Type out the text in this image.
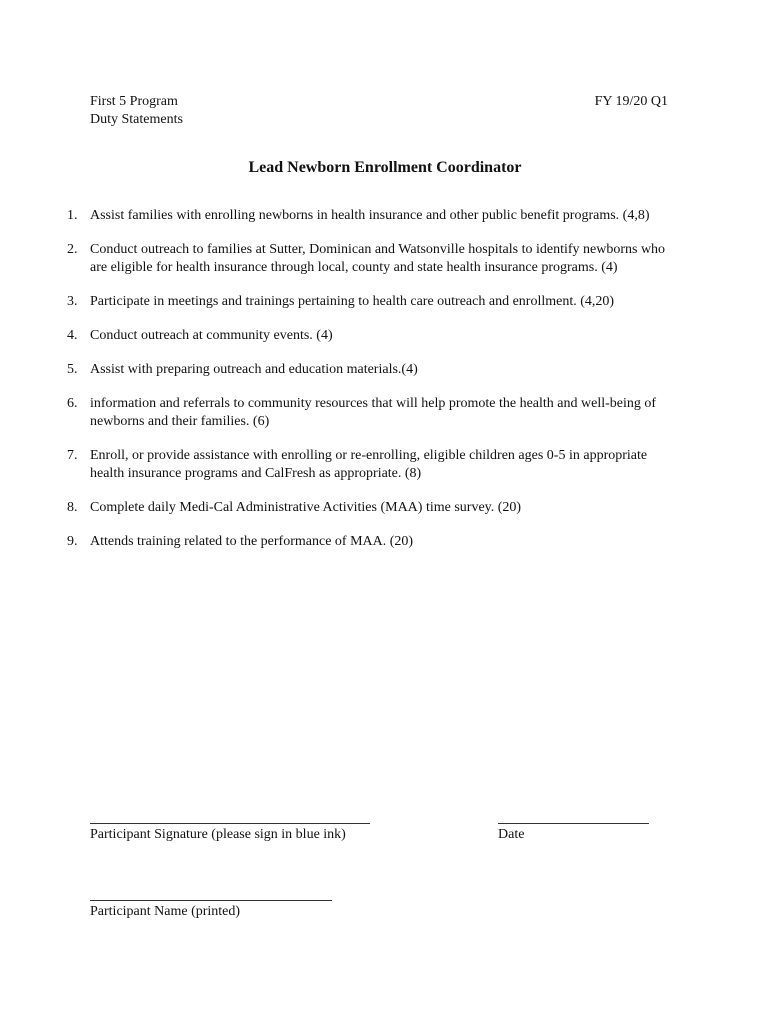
First 5 Program
Duty Statements
FY 19/20 Q1
Lead Newborn Enrollment Coordinator
1. Assist families with enrolling newborns in health insurance and other public benefit programs. (4,8)
2. Conduct outreach to families at Sutter, Dominican and Watsonville hospitals to identify newborns who are eligible for health insurance through local, county and state health insurance programs. (4)
3. Participate in meetings and trainings pertaining to health care outreach and enrollment. (4,20)
4. Conduct outreach at community events. (4)
5. Assist with preparing outreach and education materials.(4)
6. information and referrals to community resources that will help promote the health and well-being of newborns and their families. (6)
7. Enroll, or provide assistance with enrolling or re-enrolling, eligible children ages 0-5 in appropriate health insurance programs and CalFresh as appropriate. (8)
8. Complete daily Medi-Cal Administrative Activities (MAA) time survey. (20)
9. Attends training related to the performance of MAA. (20)
Participant Signature (please sign in blue ink)	Date
Participant Name (printed)
